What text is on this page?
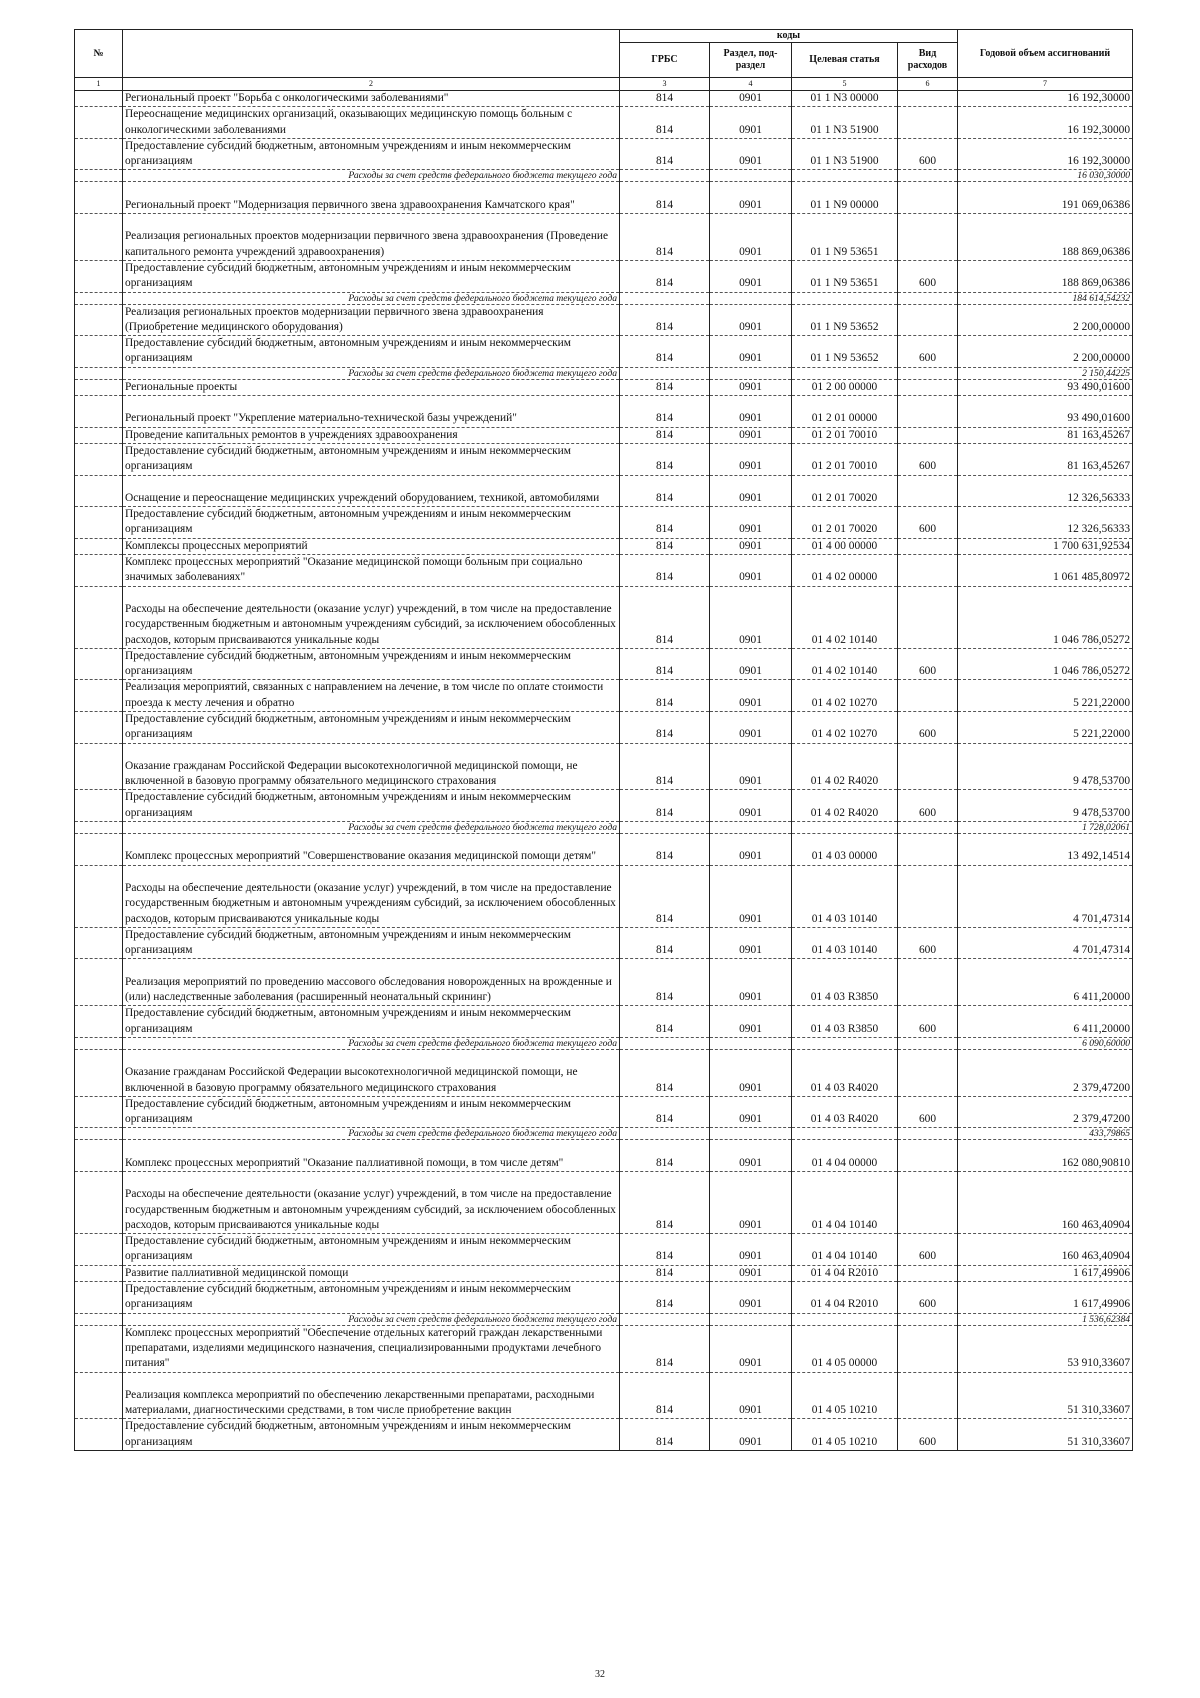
№		коды				Годовой объем ассигнований
		ГРБС	Раздел, под-раздел	Целевая статья	Вид расходов	
1	2	3	4	5	6	7
	Региональный проект "Борьба с онкологическими заболеваниями"	814	0901	01 1 N3 00000		16 192,30000
	Переоснащение медицинских организаций, оказывающих медицинскую помощь больным с онкологическими заболеваниями	814	0901	01 1 N3 51900		16 192,30000
	Предоставление субсидий бюджетным, автономным учреждениям и иным некоммерческим организациям	814	0901	01 1 N3 51900	600	16 192,30000
	Расходы за счет средств федерального бюджета текущего года					16 030,30000
	Региональный проект "Модернизация первичного звена здравоохранения Камчатского края"	814	0901	01 1 N9 00000		191 069,06386
	Реализация региональных проектов модернизации первичного звена здравоохранения (Проведение капитального ремонта учреждений здравоохранения)	814	0901	01 1 N9 53651		188 869,06386
	Предоставление субсидий бюджетным, автономным учреждениям и иным некоммерческим организациям	814	0901	01 1 N9 53651	600	188 869,06386
	Расходы за счет средств федерального бюджета текущего года					184 614,54232
	Реализация региональных проектов модернизации первичного звена здравоохранения (Приобретение медицинского оборудования)	814	0901	01 1 N9 53652		2 200,00000
	Предоставление субсидий бюджетным, автономным учреждениям и иным некоммерческим организациям	814	0901	01 1 N9 53652	600	2 200,00000
	Расходы за счет средств федерального бюджета текущего года					2 150,44225
	Региональные проекты	814	0901	01 2 00 00000		93 490,01600
	Региональный проект "Укрепление материально-технической базы учреждений"	814	0901	01 2 01 00000		93 490,01600
	Проведение капитальных ремонтов в учреждениях здравоохранения	814	0901	01 2 01 70010		81 163,45267
	Предоставление субсидий бюджетным, автономным учреждениям и иным некоммерческим организациям	814	0901	01 2 01 70010	600	81 163,45267
	Оснащение и переоснащение медицинских учреждений оборудованием, техникой, автомобилями	814	0901	01 2 01 70020		12 326,56333
	Предоставление субсидий бюджетным, автономным учреждениям и иным некоммерческим организациям	814	0901	01 2 01 70020	600	12 326,56333
	Комплексы процессных мероприятий	814	0901	01 4 00 00000		1 700 631,92534
	Комплекс процессных мероприятий "Оказание медицинской помощи больным при социально значимых заболеваниях"	814	0901	01 4 02 00000		1 061 485,80972
	Расходы на обеспечение деятельности (оказание услуг) учреждений, в том числе на предоставление государственным бюджетным и автономным учреждениям субсидий, за исключением обособленных расходов, которым присваиваются уникальные коды	814	0901	01 4 02 10140		1 046 786,05272
	Предоставление субсидий бюджетным, автономным учреждениям и иным некоммерческим организациям	814	0901	01 4 02 10140	600	1 046 786,05272
	Реализация мероприятий, связанных с направлением на лечение, в том числе по оплате стоимости проезда к месту лечения и обратно	814	0901	01 4 02 10270		5 221,22000
	Предоставление субсидий бюджетным, автономным учреждениям и иным некоммерческим организациям	814	0901	01 4 02 10270	600	5 221,22000
	Оказание гражданам Российской Федерации высокотехнологичной медицинской помощи, не включенной в базовую программу обязательного медицинского страхования	814	0901	01 4 02 R4020		9 478,53700
	Предоставление субсидий бюджетным, автономным учреждениям и иным некоммерческим организациям	814	0901	01 4 02 R4020	600	9 478,53700
	Расходы за счет средств федерального бюджета текущего года					1 728,02061
	Комплекс процессных мероприятий "Совершенствование оказания медицинской помощи детям"	814	0901	01 4 03 00000		13 492,14514
	Расходы на обеспечение деятельности (оказание услуг) учреждений, в том числе на предоставление государственным бюджетным и автономным учреждениям субсидий, за исключением обособленных расходов, которым присваиваются уникальные коды	814	0901	01 4 03 10140		4 701,47314
	Предоставление субсидий бюджетным, автономным учреждениям и иным некоммерческим организациям	814	0901	01 4 03 10140	600	4 701,47314
	Реализация мероприятий по проведению массового обследования новорожденных на врожденные и (или) наследственные заболевания (расширенный неонатальный скрининг)	814	0901	01 4 03 R3850		6 411,20000
	Предоставление субсидий бюджетным, автономным учреждениям и иным некоммерческим организациям	814	0901	01 4 03 R3850	600	6 411,20000
	Расходы за счет средств федерального бюджета текущего года					6 090,60000
	Оказание гражданам Российской Федерации высокотехнологичной медицинской помощи, не включенной в базовую программу обязательного медицинского страхования	814	0901	01 4 03 R4020		2 379,47200
	Предоставление субсидий бюджетным, автономным учреждениям и иным некоммерческим организациям	814	0901	01 4 03 R4020	600	2 379,47200
	Расходы за счет средств федерального бюджета текущего года					433,79865
	Комплекс процессных мероприятий "Оказание паллиативной помощи, в том числе детям"	814	0901	01 4 04 00000		162 080,90810
	Расходы на обеспечение деятельности (оказание услуг) учреждений, в том числе на предоставление государственным бюджетным и автономным учреждениям субсидий, за исключением обособленных расходов, которым присваиваются уникальные коды	814	0901	01 4 04 10140		160 463,40904
	Предоставление субсидий бюджетным, автономным учреждениям и иным некоммерческим организациям	814	0901	01 4 04 10140	600	160 463,40904
	Развитие паллиативной медицинской помощи	814	0901	01 4 04 R2010		1 617,49906
	Предоставление субсидий бюджетным, автономным учреждениям и иным некоммерческим организациям	814	0901	01 4 04 R2010	600	1 617,49906
	Расходы за счет средств федерального бюджета текущего года					1 536,62384
	Комплекс процессных мероприятий "Обеспечение отдельных категорий граждан лекарственными препаратами, изделиями медицинского назначения, специализированными продуктами лечебного питания"	814	0901	01 4 05 00000		53 910,33607
	Реализация комплекса мероприятий по обеспечению лекарственными препаратами, расходными материалами, диагностическими средствами, в том числе приобретение вакцин	814	0901	01 4 05 10210		51 310,33607
	Предоставление субсидий бюджетным, автономным учреждениям и иным некоммерческим организациям	814	0901	01 4 05 10210	600	51 310,33607
32
